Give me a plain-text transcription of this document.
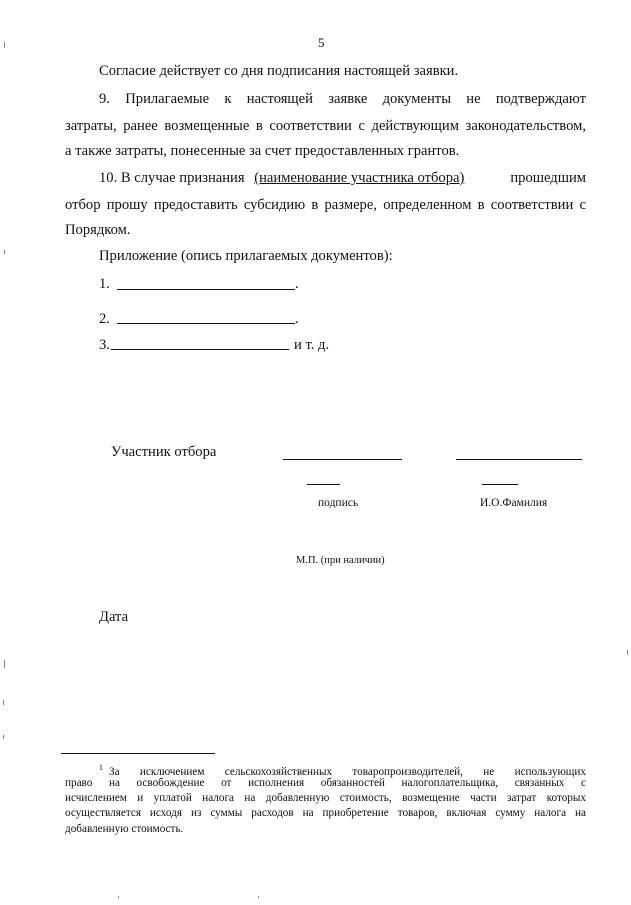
5
Согласие действует со дня подписания настоящей заявки.
9. Прилагаемые к настоящей заявке документы не подтверждают
затраты, ранее возмещенные в соответствии с действующим законодательством,
а также затраты, понесенные за счет предоставленных грантов.
10. В случае признания (наименование участника отбора)	прошедшим
отбор прошу предоставить субсидию в размере, определенном в соответствии с
Порядком.
Приложение (опись прилагаемых документов):
1.	.
2.	.
3.	и т. д.
Участник отбора
подпись	И.О.Фамилия
М.П. (при наличии)
Дата
$^1$ За исключением сельскохозяйственных товаропроизводителей, не использующих
право на освобождение от исполнения обязанностей налогоплательщика, связанных с
исчислением и уплатой налога на добавленную стоимость, возмещение части затрат которых
осуществляется исходя из суммы расходов на приобретение товаров, включая сумму налога на
добавленную стоимость.
